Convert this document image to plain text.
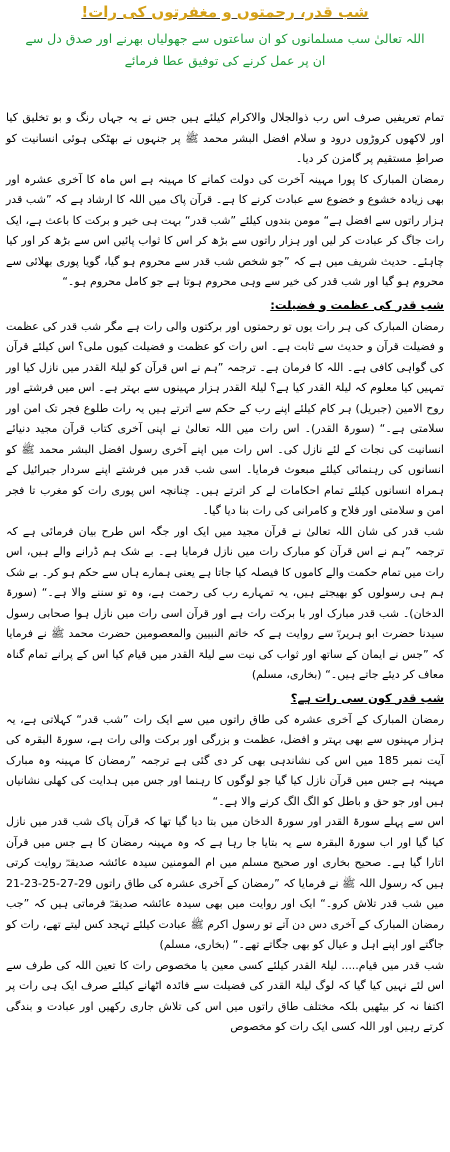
شب قدر، رحمتوں و مغفرتوں کی رات!
اللہ تعالیٰ سب مسلمانوں کو ان ساعتوں سے جھولیاں بھرنے اور صدق دل سے ان پر عمل کرنے کی توفیق عطا فرمائے

تمام تعریفیں صرف اس رب ذوالجلال والاکرام کیلئے ہیں جس نے یہ جہاں رنگ و بو تخلیق کیا اور لاکھوں کروڑوں درود و سلام افضل البشر محمد ﷺ پر جنہوں نے بھٹکی ہوئی انسانیت کو صراطِ مستقیم پر گامزن کر دیا۔

رمضان المبارک کا پورا مہینہ آخرت کی دولت کمانے کا مہینہ ہے اس ماہ کا آخری عشرہ اور بھی زیادہ خشوع و خضوع سے عبادت کرنے کا ہے۔ قرآن پاک میں اللہ کا ارشاد ہے کہ ”شب قدر ہزار راتوں سے افضل ہے“ مومن بندوں کیلئے ”شب قدر“ بہت ہی خیر و برکت کا باعث ہے، ایک رات جاگ کر عبادت کر لیں اور ہزار راتوں سے بڑھ کر اس کا ثواب پائیں اس سے بڑھ کر اور کیا چاہئے۔ حدیث شریف میں ہے کہ ”جو شخص شب قدر سے محروم ہو گیا، گویا پوری بھلائی سے محروم ہو گیا اور شب قدر کی خیر سے وہی محروم ہوتا ہے جو کامل محروم ہو۔“

شب قدر کی عظمت و فضیلت:

رمضان المبارک کی ہر رات یوں تو رحمتوں اور برکتوں والی رات ہے مگر شب قدر کی عظمت و فضیلت قرآن و حدیث سے ثابت ہے۔ اس رات کو عظمت و فضیلت کیوں ملی؟ اس کیلئے قرآن کی گواہی کافی ہے۔ اللہ کا فرمان ہے۔ ترجمہ ”ہم نے اس قرآن کو لیلۃ القدر میں نازل کیا اور تمہیں کیا معلوم کہ لیلۃ القدر کیا ہے؟ لیلۃ القدر ہزار مہینوں سے بہتر ہے۔ اس میں فرشتے اور روح الامین (جبریل) ہر کام کیلئے اپنے رب کے حکم سے اترتے ہیں یہ رات طلوع فجر تک امن اور سلامتی ہے۔“ (سورۃ القدر)۔ اس رات میں اللہ تعالیٰ نے اپنی آخری کتاب قرآن مجید دنیائے انسانیت کی نجات کے لئے نازل کی۔ اس رات میں اپنے آخری رسول افضل البشر محمد ﷺ کو انسانوں کی رہنمائی کیلئے مبعوث فرمایا۔ اسی شب قدر میں فرشتے اپنے سردار جبرائیل کے ہمراہ انسانوں کیلئے تمام احکامات لے کر اترتے ہیں۔ چنانچہ اس پوری رات کو مغرب تا فجر امن و سلامتی اور فلاح و کامرانی کی رات بنا دیا گیا۔

شب قدر کی شان اللہ تعالیٰ نے قرآن مجید میں ایک اور جگہ اس طرح بیان فرمائی ہے کہ ترجمہ ”ہم نے اس قرآن کو مبارک رات میں نازل فرمایا ہے۔ بے شک ہم ڈرانے والے ہیں، اس رات میں تمام حکمت والے کاموں کا فیصلہ کیا جاتا ہے یعنی ہمارے ہاں سے حکم ہو کر۔ بے شک ہم ہی رسولوں کو بھیجتے ہیں، یہ تمہارے رب کی رحمت ہے، وہ تو سننے والا ہے۔“ (سورۃ الدخان)۔ شب قدر مبارک اور با برکت رات ہے اور قرآن اسی رات میں نازل ہوا صحابی رسول سیدنا حضرت ابو ہریرہؓ سے روایت ہے کہ خاتم النبیین والمعصومین حضرت محمد ﷺ نے فرمایا کہ ”جس نے ایمان کے ساتھ اور ثواب کی نیت سے لیلۃ القدر میں قیام کیا اس کے پرانے تمام گناہ معاف کر دیئے جاتے ہیں۔“ (بخاری، مسلم)

شب قدر کون سی رات ہے؟

رمضان المبارک کے آخری عشرہ کی طاق راتوں میں سے ایک رات ”شب قدر“ کہلاتی ہے، یہ ہزار مہینوں سے بھی بہتر و افضل، عظمت و بزرگی اور برکت والی رات ہے، سورۃ البقرہ کی آیت نمبر 185 میں اس کی نشاندہی بھی کر دی گئی ہے ترجمہ ”رمضان کا مہینہ وہ مبارک مہینہ ہے جس میں قرآن نازل کیا گیا جو لوگوں کا رہنما اور جس میں ہدایت کی کھلی نشانیاں ہیں اور جو حق و باطل کو الگ الگ کرنے والا ہے۔“

اس سے پہلے سورۃ القدر اور سورۃ الدخان میں بتا دیا گیا تھا کہ قرآن پاک شب قدر میں نازل کیا گیا اور اب سورۃ البقرہ سے یہ بتایا جا رہا ہے کہ وہ مہینہ رمضان کا ہے جس میں قرآن اتارا گیا ہے۔ صحیح بخاری اور صحیح مسلم میں ام المومنین سیدہ عائشہ صدیقہؓ روایت کرتی ہیں کہ رسول اللہ ﷺ نے فرمایا کہ ”رمضان کے آخری عشرہ کی طاق راتوں 29-27-25-23-21 میں شب قدر تلاش کرو۔“ ایک اور روایت میں بھی سیدہ عائشہ صدیقہؓ فرماتی ہیں کہ ”جب رمضان المبارک کے آخری دس دن آتے تو رسول اکرم ﷺ عبادت کیلئے تہجد کس لیتے تھے، رات کو جاگتے اور اپنے اہل و عیال کو بھی جگاتے تھے۔“ (بخاری، مسلم)

شب قدر میں قیام..... لیلۃ القدر کیلئے کسی معین یا مخصوص رات کا تعین اللہ کی طرف سے اس لئے نہیں کیا گیا کہ لوگ لیلۃ القدر کی فضیلت سے فائدہ اٹھانے کیلئے صرف ایک ہی رات پر اکتفا نہ کر بیٹھیں بلکہ مختلف طاق راتوں میں اس کی تلاش جاری رکھیں اور عبادت و بندگی کرتے رہیں اور اللہ کسی ایک رات کو مخصوص
